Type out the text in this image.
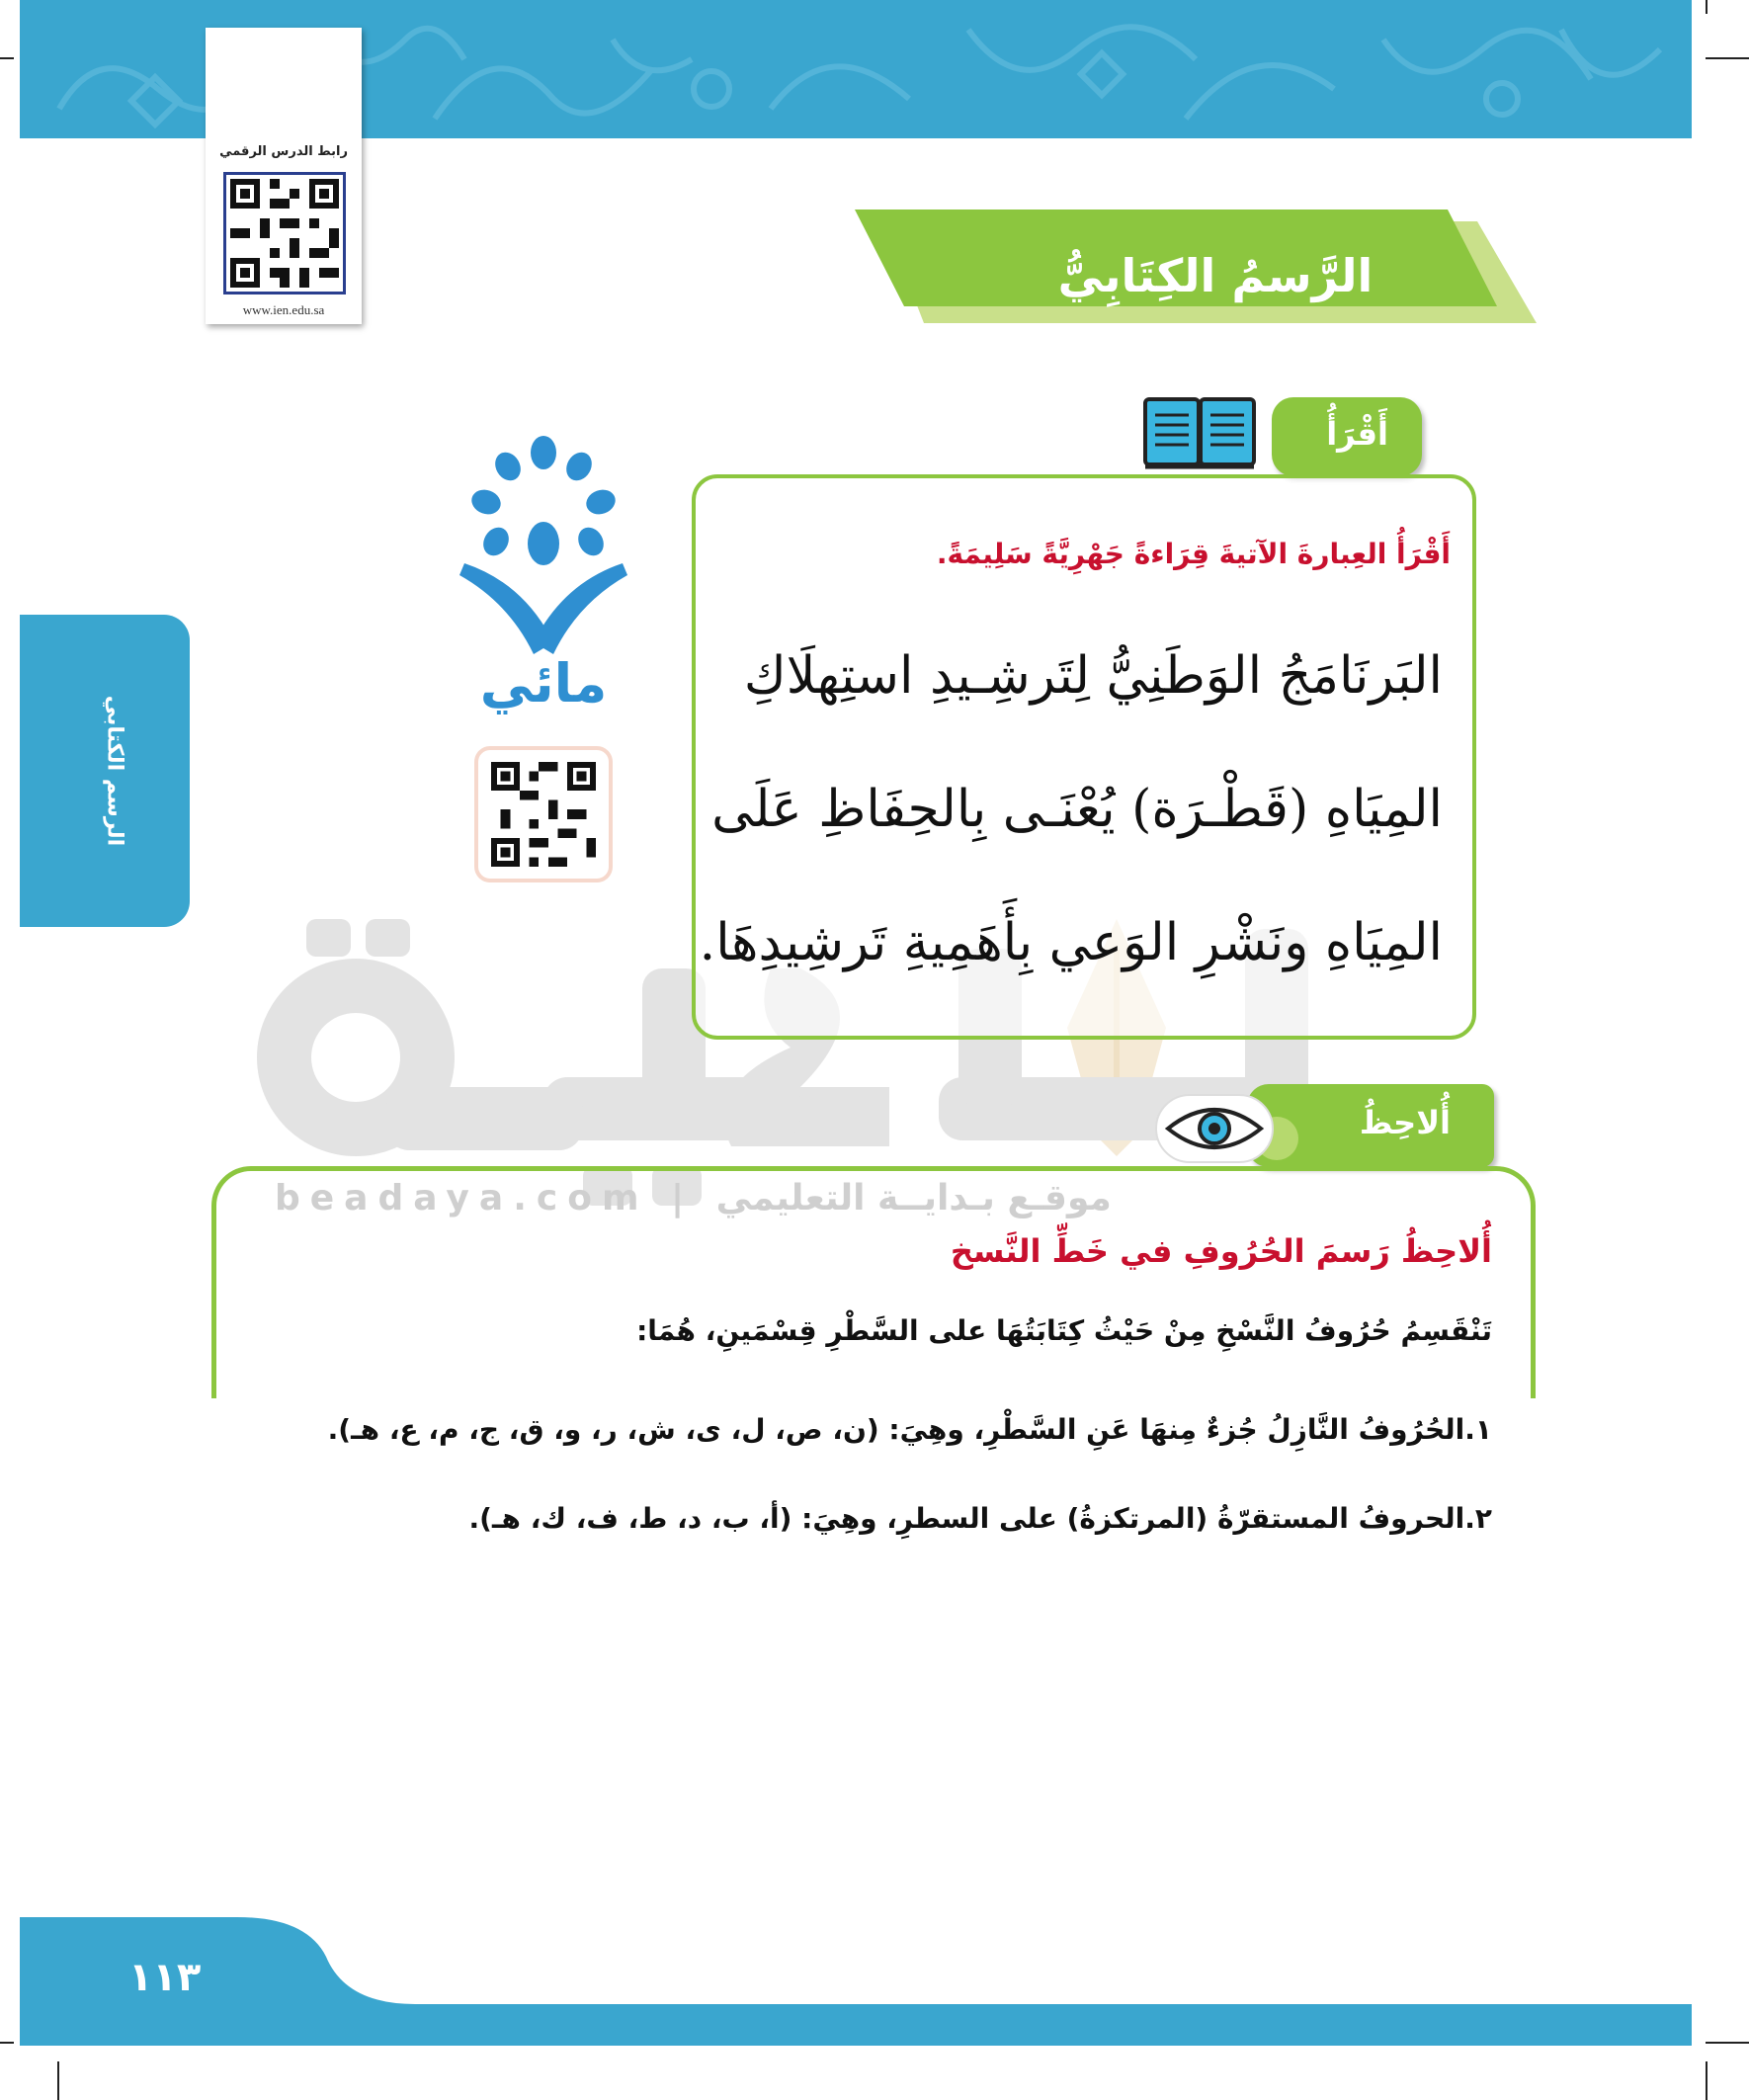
رابط الدرس الرقمي
www.ien.edu.sa
الرَّسمُ الكِتَابِيُّ
الرسم الكتابي
beadaya.com | موقـع بـدايــة التعليمي
مائي
أَقْرَأُ
أَقْرَأُ العِبارةَ الآتيةَ قِرَاءةً جَهْرِيَّةً سَلِيمَةً.
البَرنَامَجُ الوَطَنِيُّ لِتَرشِـيدِ استِهلَاكِ
المِيَاهِ (قَطْـرَة) يُعْنَـى بِالحِفَاظِ عَلَى
المِيَاهِ ونَشْرِ الوَعي بِأَهَمِيةِ تَرشِيدِهَا.
أُلاحِظُ
أُلاحِظُ رَسمَ الحُرُوفِ في خَطِّ النَّسخ
تَنْقَسِمُ حُرُوفُ النَّسْخِ مِنْ حَيْثُ كِتَابَتُهَا على السَّطْرِ قِسْمَينِ، هُمَا:
١.الحُرُوفُ النَّازِلُ جُزءٌ مِنهَا عَنِ السَّطْرِ، وهِيَ: (ن، ص، ل، ى، ش، ر، و، ق، ج، م، ع، هـ).
٢.الحروفُ المستقرّةُ (المرتكزةُ) على السطرِ، وهِيَ: (أ، ب، د، ط، ف، ك، هـ).
١١٣
